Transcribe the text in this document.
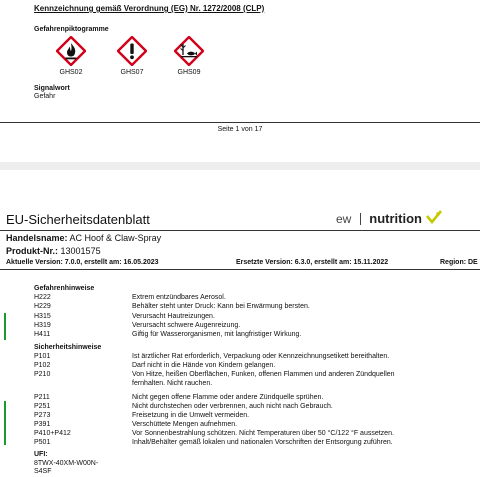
Kennzeichnung gemäß Verordnung (EG) Nr. 1272/2008 (CLP)
Gefahrenpiktogramme
GHS02	GHS07	GHS09
Signalwort
Gefahr
Seite 1 von 17
EU-Sicherheitsdatenblatt	ew nutrition
Handelsname: AC Hoof & Claw-Spray
Produkt-Nr.: 13001575
Aktuelle Version: 7.0.0, erstellt am: 16.05.2023	Ersetzte Version: 6.3.0, erstellt am: 15.11.2022	Region: DE
Gefahrenhinweise
H222	Extrem entzündbares Aerosol.
H229	Behälter steht unter Druck: Kann bei Erwärmung bersten.
H315	Verursacht Hautreizungen.
H319	Verursacht schwere Augenreizung.
H411	Giftig für Wasserorganismen, mit langfristiger Wirkung.
Sicherheitshinweise
P101	Ist ärztlicher Rat erforderlich, Verpackung oder Kennzeichnungsetikett bereithalten.
P102	Darf nicht in die Hände von Kindern gelangen.
P210	Von Hitze, heißen Oberflächen, Funken, offenen Flammen und anderen Zündquellen
fernhalten. Nicht rauchen.
P211	Nicht gegen offene Flamme oder andere Zündquelle sprühen.
P251	Nicht durchstechen oder verbrennen, auch nicht nach Gebrauch.
P273	Freisetzung in die Umwelt vermeiden.
P391	Verschüttete Mengen aufnehmen.
P410+P412	Vor Sonnenbestrahlung schützen. Nicht Temperaturen über 50 °C/122 °F aussetzen.
P501	Inhalt/Behälter gemäß lokalen und nationalen Vorschriften der Entsorgung zuführen.
UFI:
8TWX-40XM-W00N-
S4SF
